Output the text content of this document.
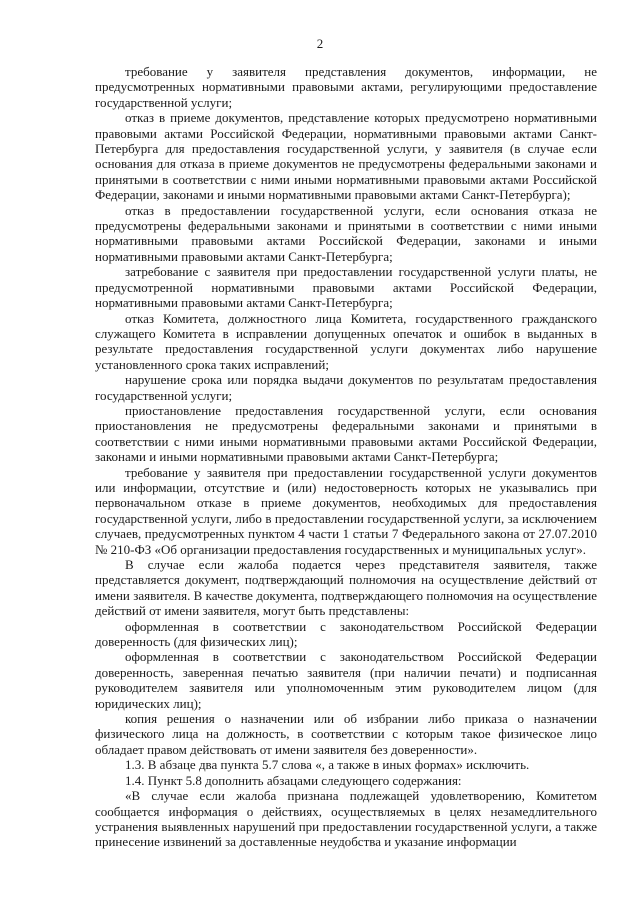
2

требование у заявителя представления документов, информации, не предусмотренных нормативными правовыми актами, регулирующими предоставление государственной услуги;

отказ в приеме документов, представление которых предусмотрено нормативными правовыми актами Российской Федерации, нормативными правовыми актами Санкт-Петербурга для предоставления государственной услуги, у заявителя (в случае если основания для отказа в приеме документов не предусмотрены федеральными законами и принятыми в соответствии с ними иными нормативными правовыми актами Российской Федерации, законами и иными нормативными правовыми актами Санкт-Петербурга);

отказ в предоставлении государственной услуги, если основания отказа не предусмотрены федеральными законами и принятыми в соответствии с ними иными нормативными правовыми актами Российской Федерации, законами и иными нормативными правовыми актами Санкт-Петербурга;

затребование с заявителя при предоставлении государственной услуги платы, не предусмотренной нормативными правовыми актами Российской Федерации, нормативными правовыми актами Санкт-Петербурга;

отказ Комитета, должностного лица Комитета, государственного гражданского служащего Комитета в исправлении допущенных опечаток и ошибок в выданных в результате предоставления государственной услуги документах либо нарушение установленного срока таких исправлений;

нарушение срока или порядка выдачи документов по результатам предоставления государственной услуги;

приостановление предоставления государственной услуги, если основания приостановления не предусмотрены федеральными законами и принятыми в соответствии с ними иными нормативными правовыми актами Российской Федерации, законами и иными нормативными правовыми актами Санкт-Петербурга;

требование у заявителя при предоставлении государственной услуги документов или информации, отсутствие и (или) недостоверность которых не указывались при первоначальном отказе в приеме документов, необходимых для предоставления государственной услуги, либо в предоставлении государственной услуги, за исключением случаев, предусмотренных пунктом 4 части 1 статьи 7 Федерального закона от 27.07.2010 № 210-ФЗ «Об организации предоставления государственных и муниципальных услуг».

В случае если жалоба подается через представителя заявителя, также представляется документ, подтверждающий полномочия на осуществление действий от имени заявителя. В качестве документа, подтверждающего полномочия на осуществление действий от имени заявителя, могут быть представлены:

оформленная в соответствии с законодательством Российской Федерации доверенность (для физических лиц);

оформленная в соответствии с законодательством Российской Федерации доверенность, заверенная печатью заявителя (при наличии печати) и подписанная руководителем заявителя или уполномоченным этим руководителем лицом (для юридических лиц);

копия решения о назначении или об избрании либо приказа о назначении физического лица на должность, в соответствии с которым такое физическое лицо обладает правом действовать от имени заявителя без доверенности».

1.3. В абзаце два пункта 5.7 слова «, а также в иных формах» исключить.

1.4. Пункт 5.8 дополнить абзацами следующего содержания:

«В случае если жалоба признана подлежащей удовлетворению, Комитетом сообщается информация о действиях, осуществляемых в целях незамедлительного устранения выявленных нарушений при предоставлении государственной услуги, а также принесение извинений за доставленные неудобства и указание информации
